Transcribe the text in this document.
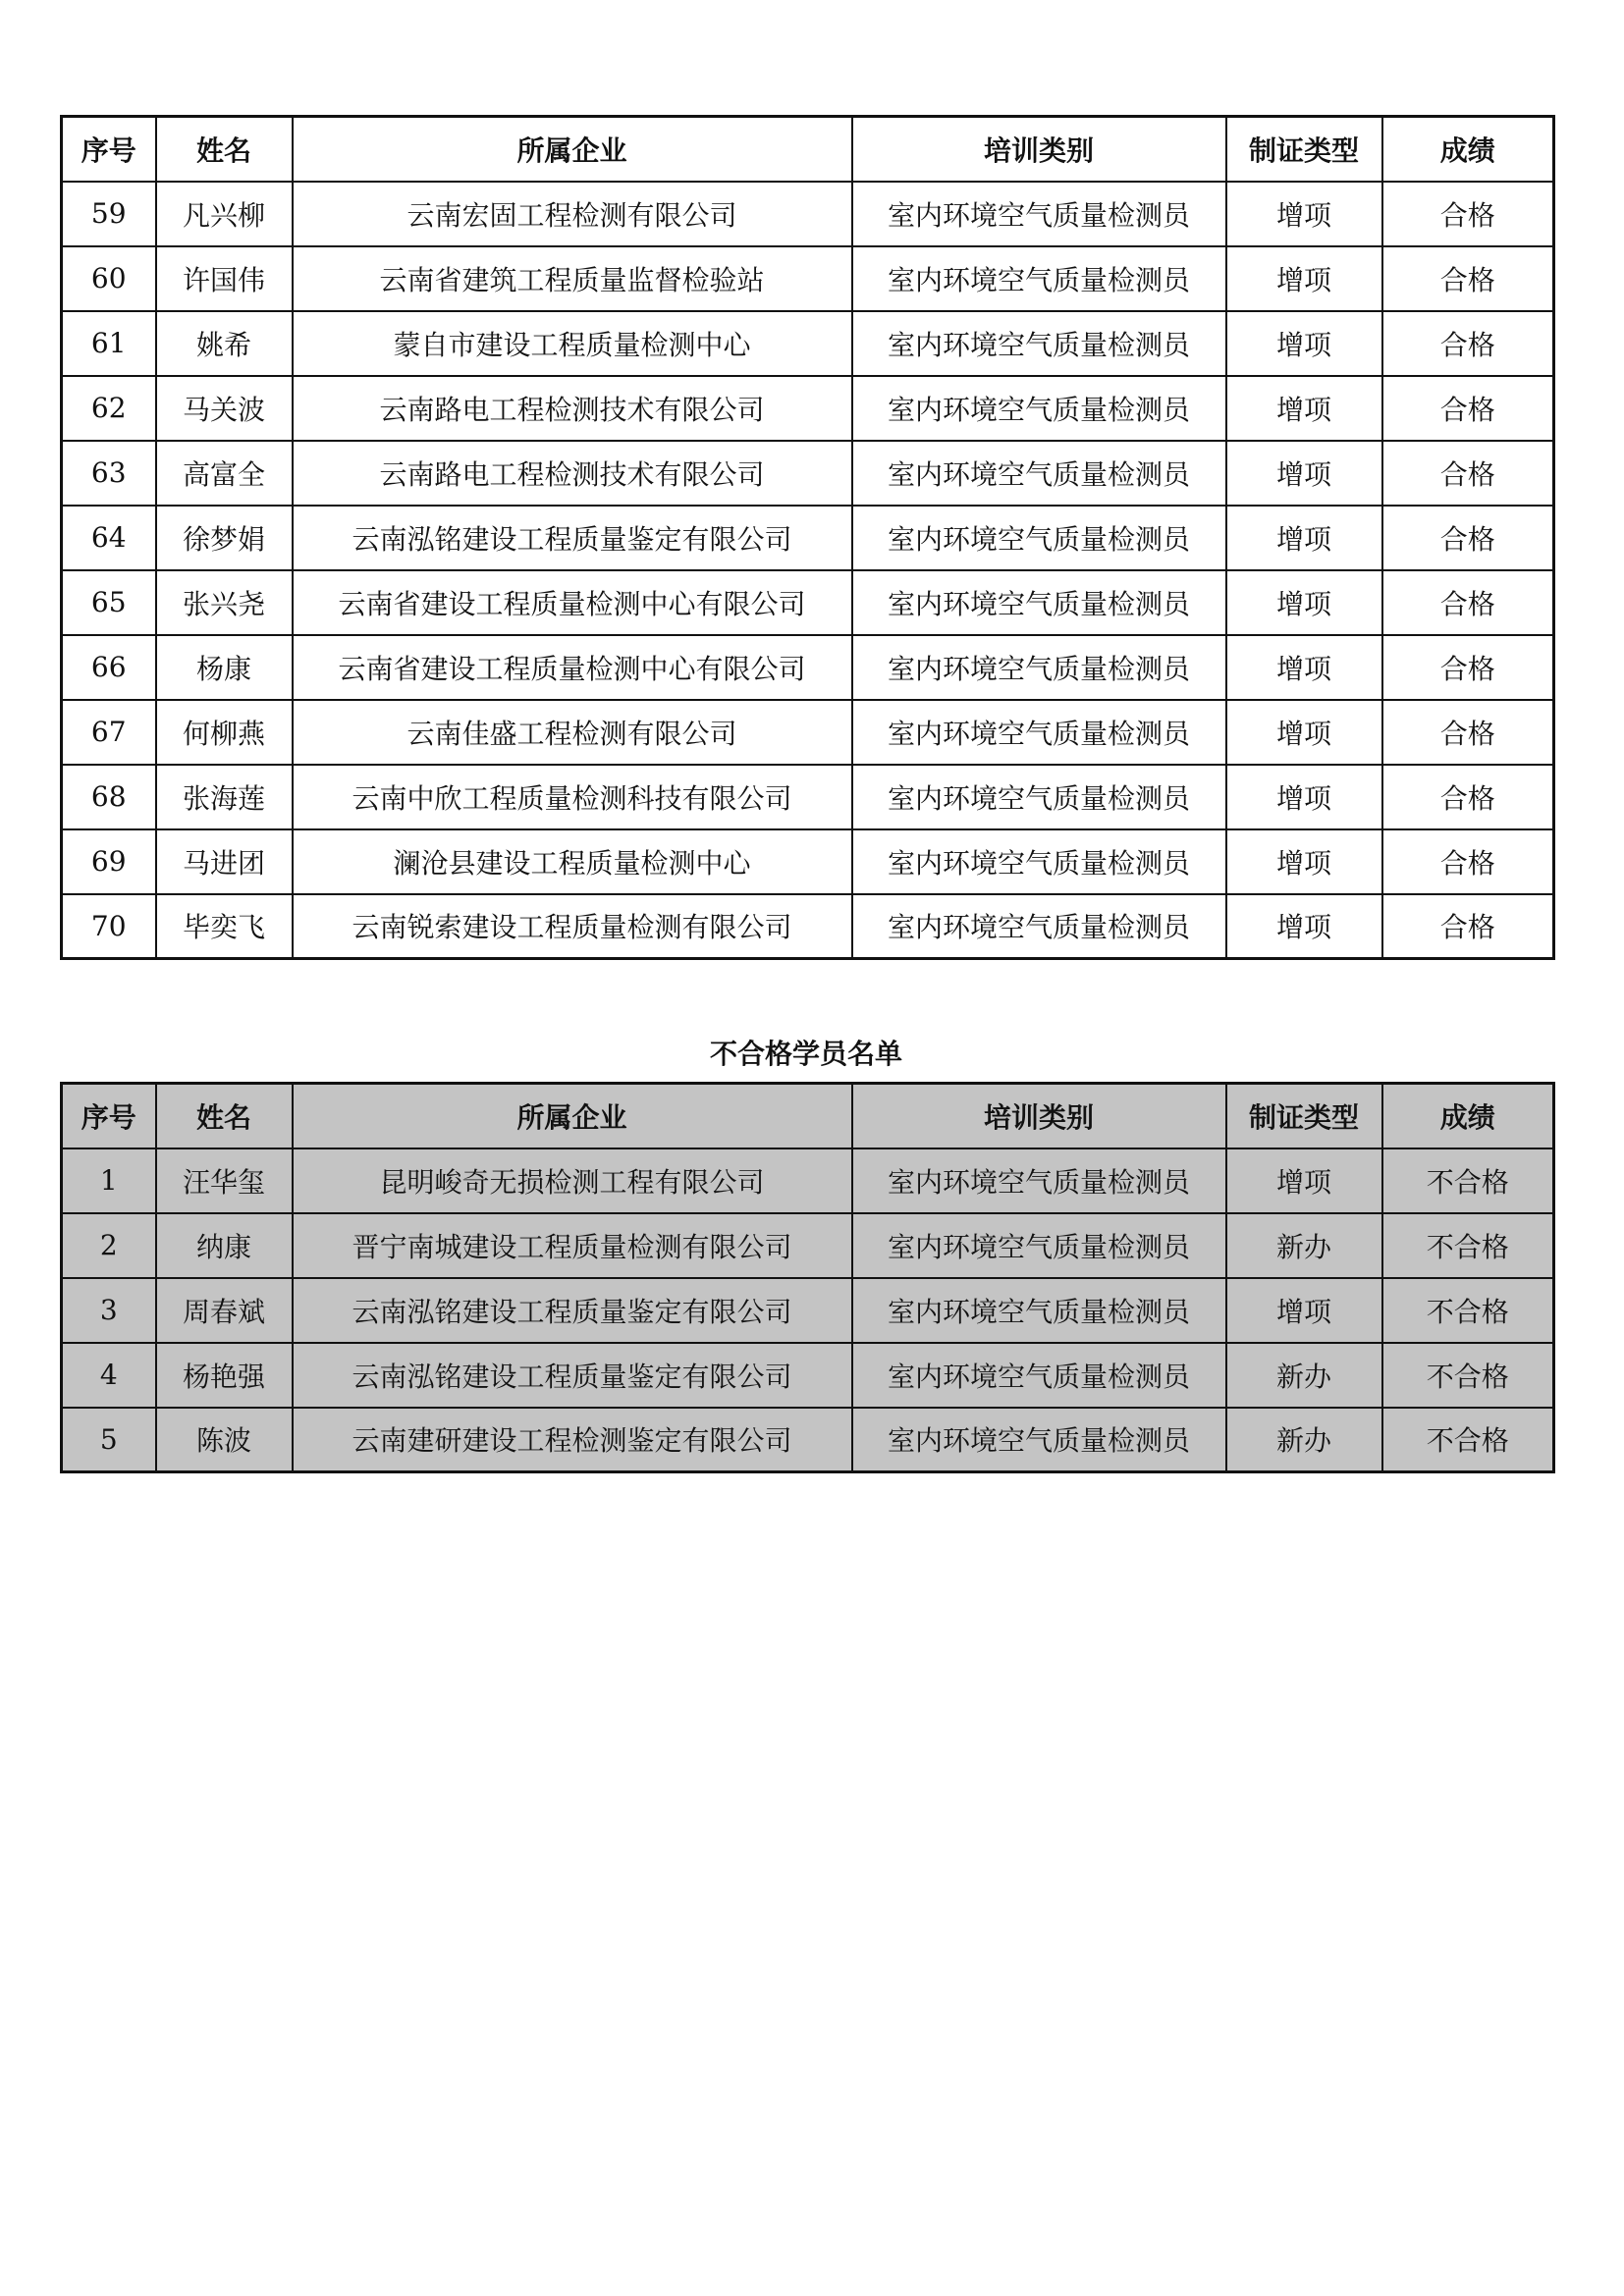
序号	姓名	所属企业	培训类别	制证类型	成绩
59	凡兴柳	云南宏固工程检测有限公司	室内环境空气质量检测员	增项	合格
60	许国伟	云南省建筑工程质量监督检验站	室内环境空气质量检测员	增项	合格
61	姚希	蒙自市建设工程质量检测中心	室内环境空气质量检测员	增项	合格
62	马关波	云南路电工程检测技术有限公司	室内环境空气质量检测员	增项	合格
63	高富全	云南路电工程检测技术有限公司	室内环境空气质量检测员	增项	合格
64	徐梦娟	云南泓铭建设工程质量鉴定有限公司	室内环境空气质量检测员	增项	合格
65	张兴尧	云南省建设工程质量检测中心有限公司	室内环境空气质量检测员	增项	合格
66	杨康	云南省建设工程质量检测中心有限公司	室内环境空气质量检测员	增项	合格
67	何柳燕	云南佳盛工程检测有限公司	室内环境空气质量检测员	增项	合格
68	张海莲	云南中欣工程质量检测科技有限公司	室内环境空气质量检测员	增项	合格
69	马进团	澜沧县建设工程质量检测中心	室内环境空气质量检测员	增项	合格
70	毕奕飞	云南锐索建设工程质量检测有限公司	室内环境空气质量检测员	增项	合格
不合格学员名单
序号	姓名	所属企业	培训类别	制证类型	成绩
1	汪华玺	昆明峻奇无损检测工程有限公司	室内环境空气质量检测员	增项	不合格
2	纳康	晋宁南城建设工程质量检测有限公司	室内环境空气质量检测员	新办	不合格
3	周春斌	云南泓铭建设工程质量鉴定有限公司	室内环境空气质量检测员	增项	不合格
4	杨艳强	云南泓铭建设工程质量鉴定有限公司	室内环境空气质量检测员	新办	不合格
5	陈波	云南建研建设工程检测鉴定有限公司	室内环境空气质量检测员	新办	不合格
